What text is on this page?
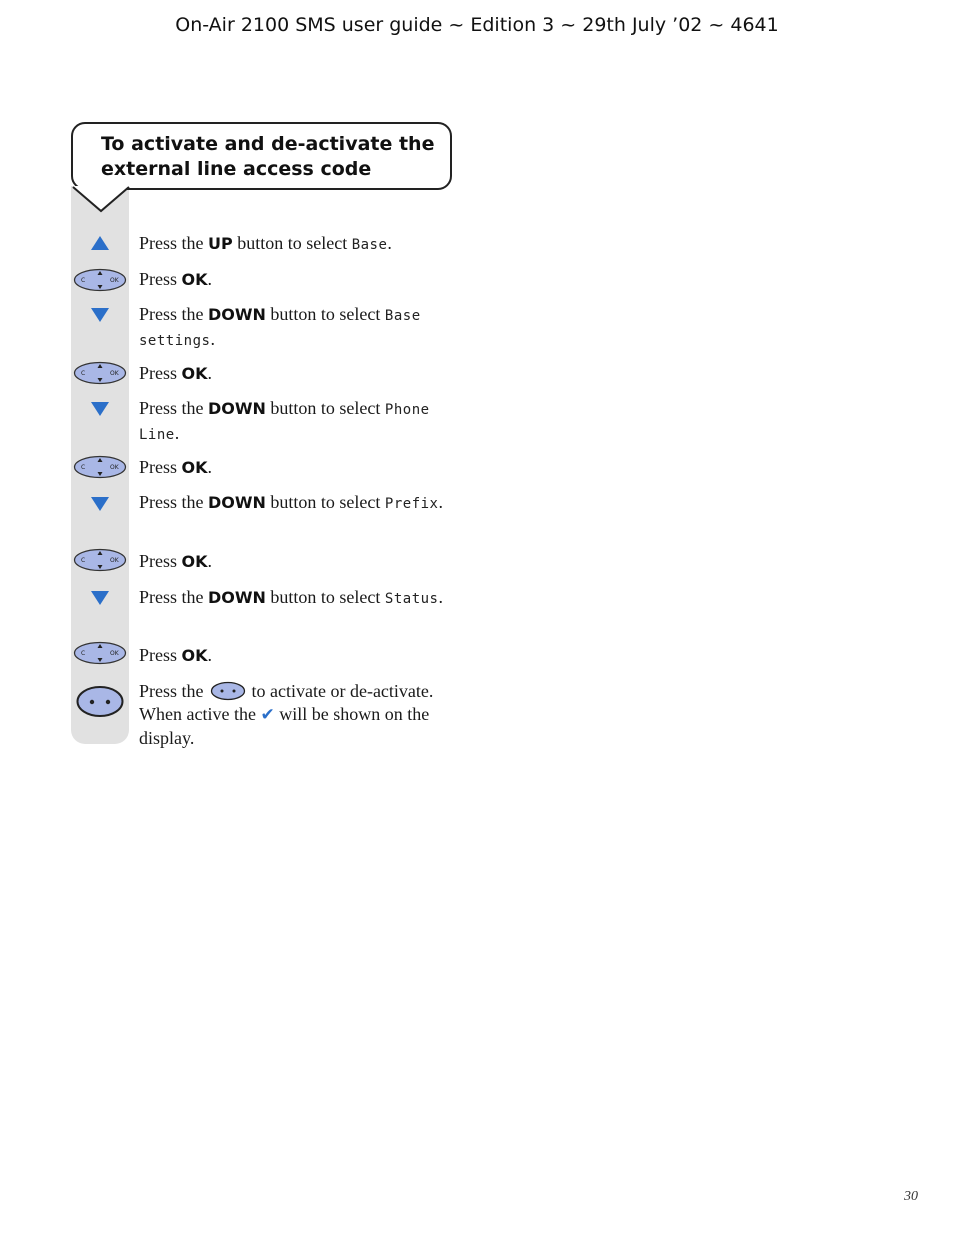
On-Air 2100 SMS user guide ~ Edition 3 ~ 29th July ’02 ~ 4641
To activate and de-activate the external line access code
Press the UP button to select Base.
C	OK Press OK.
Press the DOWN button to select Base settings.
C	OK Press OK.
Press the DOWN button to select Phone Line.
C	OK Press OK.
Press the DOWN button to select Prefix.
C	OK Press OK.
Press the DOWN button to select Status.
C	OK Press OK.
Press the	to activate or de-activate. When active the ✔ will be shown on the display.
30
